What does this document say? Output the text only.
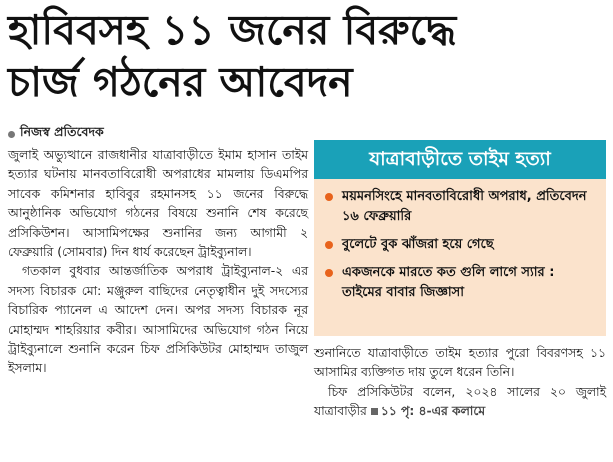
হাবিবসহ ১১ জনের বিরুদ্ধে
চার্জ গঠনের আবেদন
নিজস্ব প্রতিবেদক

জুলাই অভ্যুত্থানে রাজধানীর যাত্রাবাড়ীতে ইমাম হাসান তাইম হত্যার ঘটনায় মানবতাবিরোধী অপরাধের মামলায় ডিএমপির সাবেক কমিশনার হাবিবুর রহমানসহ ১১ জনের বিরুদ্ধে আনুষ্ঠানিক অভিযোগ গঠনের বিষয়ে শুনানি শেষ করেছে প্রসিকিউশন। আসামিপক্ষের শুনানির জন্য আগামী ২ ফেব্রুয়ারি (সোমবার) দিন ধার্য করেছেন ট্রাইব্যুনাল।

গতকাল বুধবার আন্তর্জাতিক অপরাধ ট্রাইব্যুনাল-২ এর সদস্য বিচারক মো: মঞ্জুরুল বাছিদের নেতৃত্বাধীন দুই সদস্যের বিচারিক প্যানেল এ আদেশ দেন। অপর সদস্য বিচারক নূর মোহাম্মদ শাহরিয়ার কবীর। আসামিদের অভিযোগ গঠন নিয়ে ট্রাইব্যুনালে শুনানি করেন চিফ প্রসিকিউটর মোহাম্মদ তাজুল ইসলাম।

যাত্রাবাড়ীতে তাইম হত্যা
ময়মনসিংহে মানবতাবিরোধী অপরাধ, প্রতিবেদন ১৬ ফেব্রুয়ারি
বুলেটে বুক ঝাঁজরা হয়ে গেছে
একজনকে মারতে কত গুলি লাগে স্যার : তাইমের বাবার জিজ্ঞাসা

শুনানিতে যাত্রাবাড়ীতে তাইম হত্যার পুরো বিবরণসহ ১১ আসামির ব্যক্তিগত দায় তুলে ধরেন তিনি।

চিফ প্রসিকিউটর বলেন, ২০২৪ সালের ২০ জুলাই যাত্রাবাড়ীর ১১ পৃ: ৪-এর কলামে
